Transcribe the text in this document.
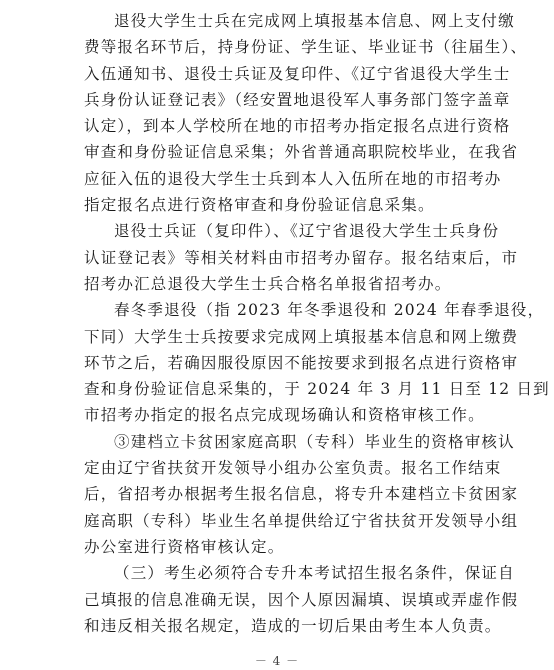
退役大学生士兵在完成网上填报基本信息、网上支付缴
费等报名环节后，持身份证、学生证、毕业证书（往届生）、
入伍通知书、退役士兵证及复印件、《辽宁省退役大学生士
兵身份认证登记表》（经安置地退役军人事务部门签字盖章
认定），到本人学校所在地的市招考办指定报名点进行资格
审查和身份验证信息采集；外省普通高职院校毕业，在我省
应征入伍的退役大学生士兵到本人入伍所在地的市招考办
指定报名点进行资格审查和身份验证信息采集。
退役士兵证（复印件）、《辽宁省退役大学生士兵身份
认证登记表》等相关材料由市招考办留存。报名结束后，市
招考办汇总退役大学生士兵合格名单报省招考办。
春冬季退役（指 2023 年冬季退役和 2024 年春季退役，
下同）大学生士兵按要求完成网上填报基本信息和网上缴费
环节之后，若确因服役原因不能按要求到报名点进行资格审
查和身份验证信息采集的，于 2024 年 3 月 11 日至 12 日到
市招考办指定的报名点完成现场确认和资格审核工作。
③建档立卡贫困家庭高职（专科）毕业生的资格审核认
定由辽宁省扶贫开发领导小组办公室负责。报名工作结束
后，省招考办根据考生报名信息，将专升本建档立卡贫困家
庭高职（专科）毕业生名单提供给辽宁省扶贫开发领导小组
办公室进行资格审核认定。
（三）考生必须符合专升本考试招生报名条件，保证自
己填报的信息准确无误，因个人原因漏填、误填或弄虚作假
和违反相关报名规定，造成的一切后果由考生本人负责。
－ 4 －
